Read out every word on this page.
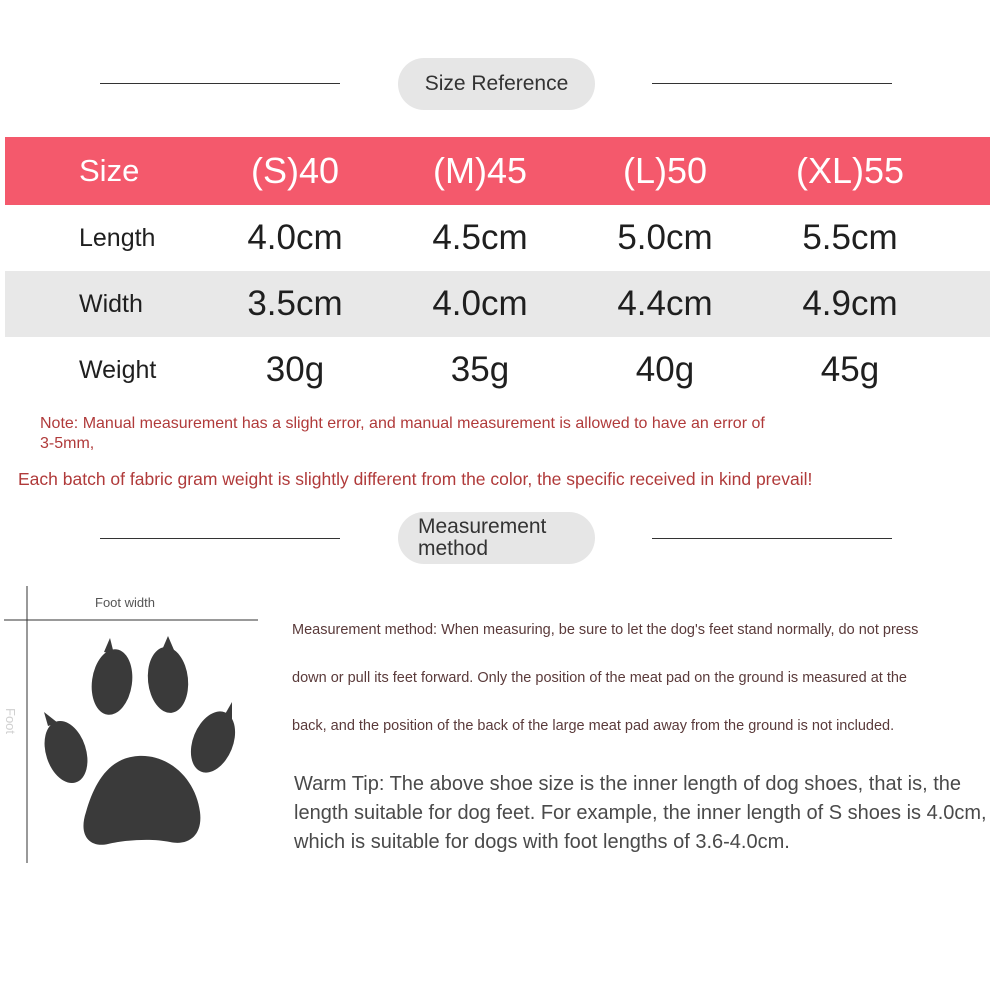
Size Reference
Size	(S)40	(M)45	(L)50	(XL)55
Length	4.0cm	4.5cm	5.0cm	5.5cm
Width	3.5cm	4.0cm	4.4cm	4.9cm
Weight	30g	35g	40g	45g
Note: Manual measurement has a slight error, and manual measurement is allowed to have an error of
3-5mm,
Each batch of fabric gram weight is slightly different from the color, the specific received in kind prevail!
Measurement
method
Foot width
Foot
Measurement method: When measuring, be sure to let the dog's feet stand normally, do not press
down or pull its feet forward. Only the position of the meat pad on the ground is measured at the
back, and the position of the back of the large meat pad away from the ground is not included.
Warm Tip: The above shoe size is the inner length of dog shoes, that is, the length suitable for dog feet. For example, the inner length of S shoes is 4.0cm, which is suitable for dogs with foot lengths of 3.6-4.0cm.
